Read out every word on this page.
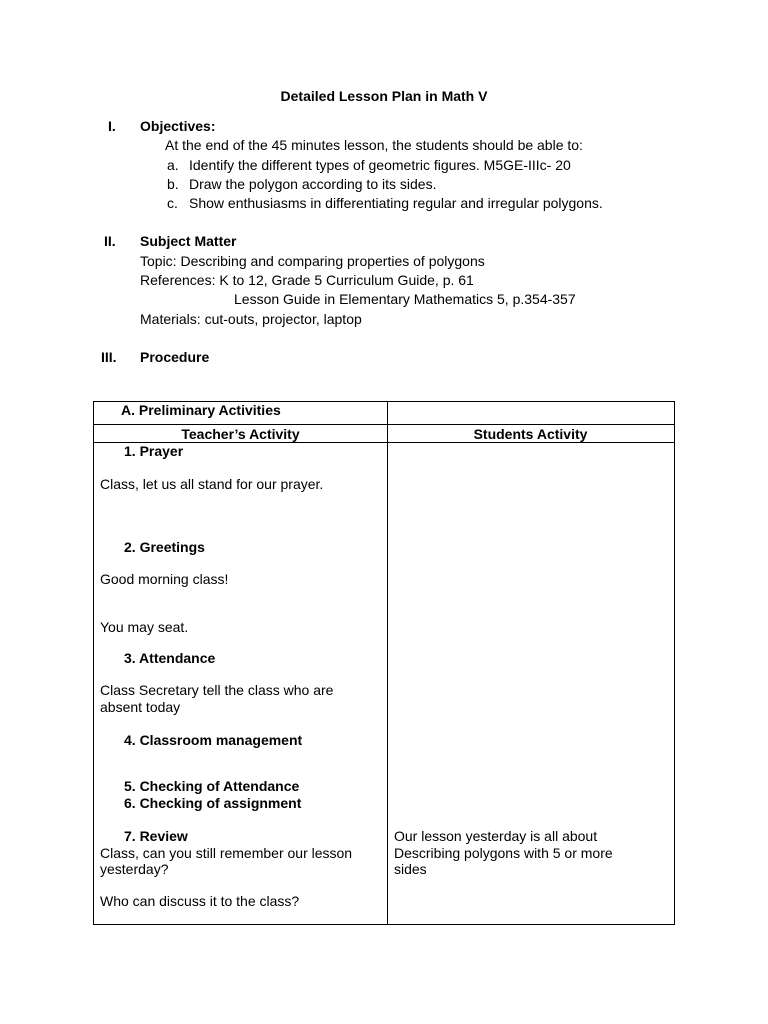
Detailed Lesson Plan in Math V
I. Objectives:
At the end of the 45 minutes lesson, the students should be able to:
a. Identify the different types of geometric figures. M5GE-IIIc- 20
b. Draw the polygon according to its sides.
c. Show enthusiasms in differentiating regular and irregular polygons.
II. Subject Matter
Topic: Describing and comparing properties of polygons
References: K to 12, Grade 5 Curriculum Guide, p. 61
Lesson Guide in Elementary Mathematics 5, p.354-357
Materials: cut-outs, projector, laptop
III. Procedure
A. Preliminary Activities
Teacher’s Activity	Students Activity
1. Prayer
Class, let us all stand for our prayer.
2. Greetings
Good morning class!
You may seat.
3. Attendance
Class Secretary tell the class who are
absent today
4. Classroom management
5. Checking of Attendance
6. Checking of assignment
7. Review
Class, can you still remember our lesson
yesterday?
Who can discuss it to the class?
Our lesson yesterday is all about
Describing polygons with 5 or more
sides
